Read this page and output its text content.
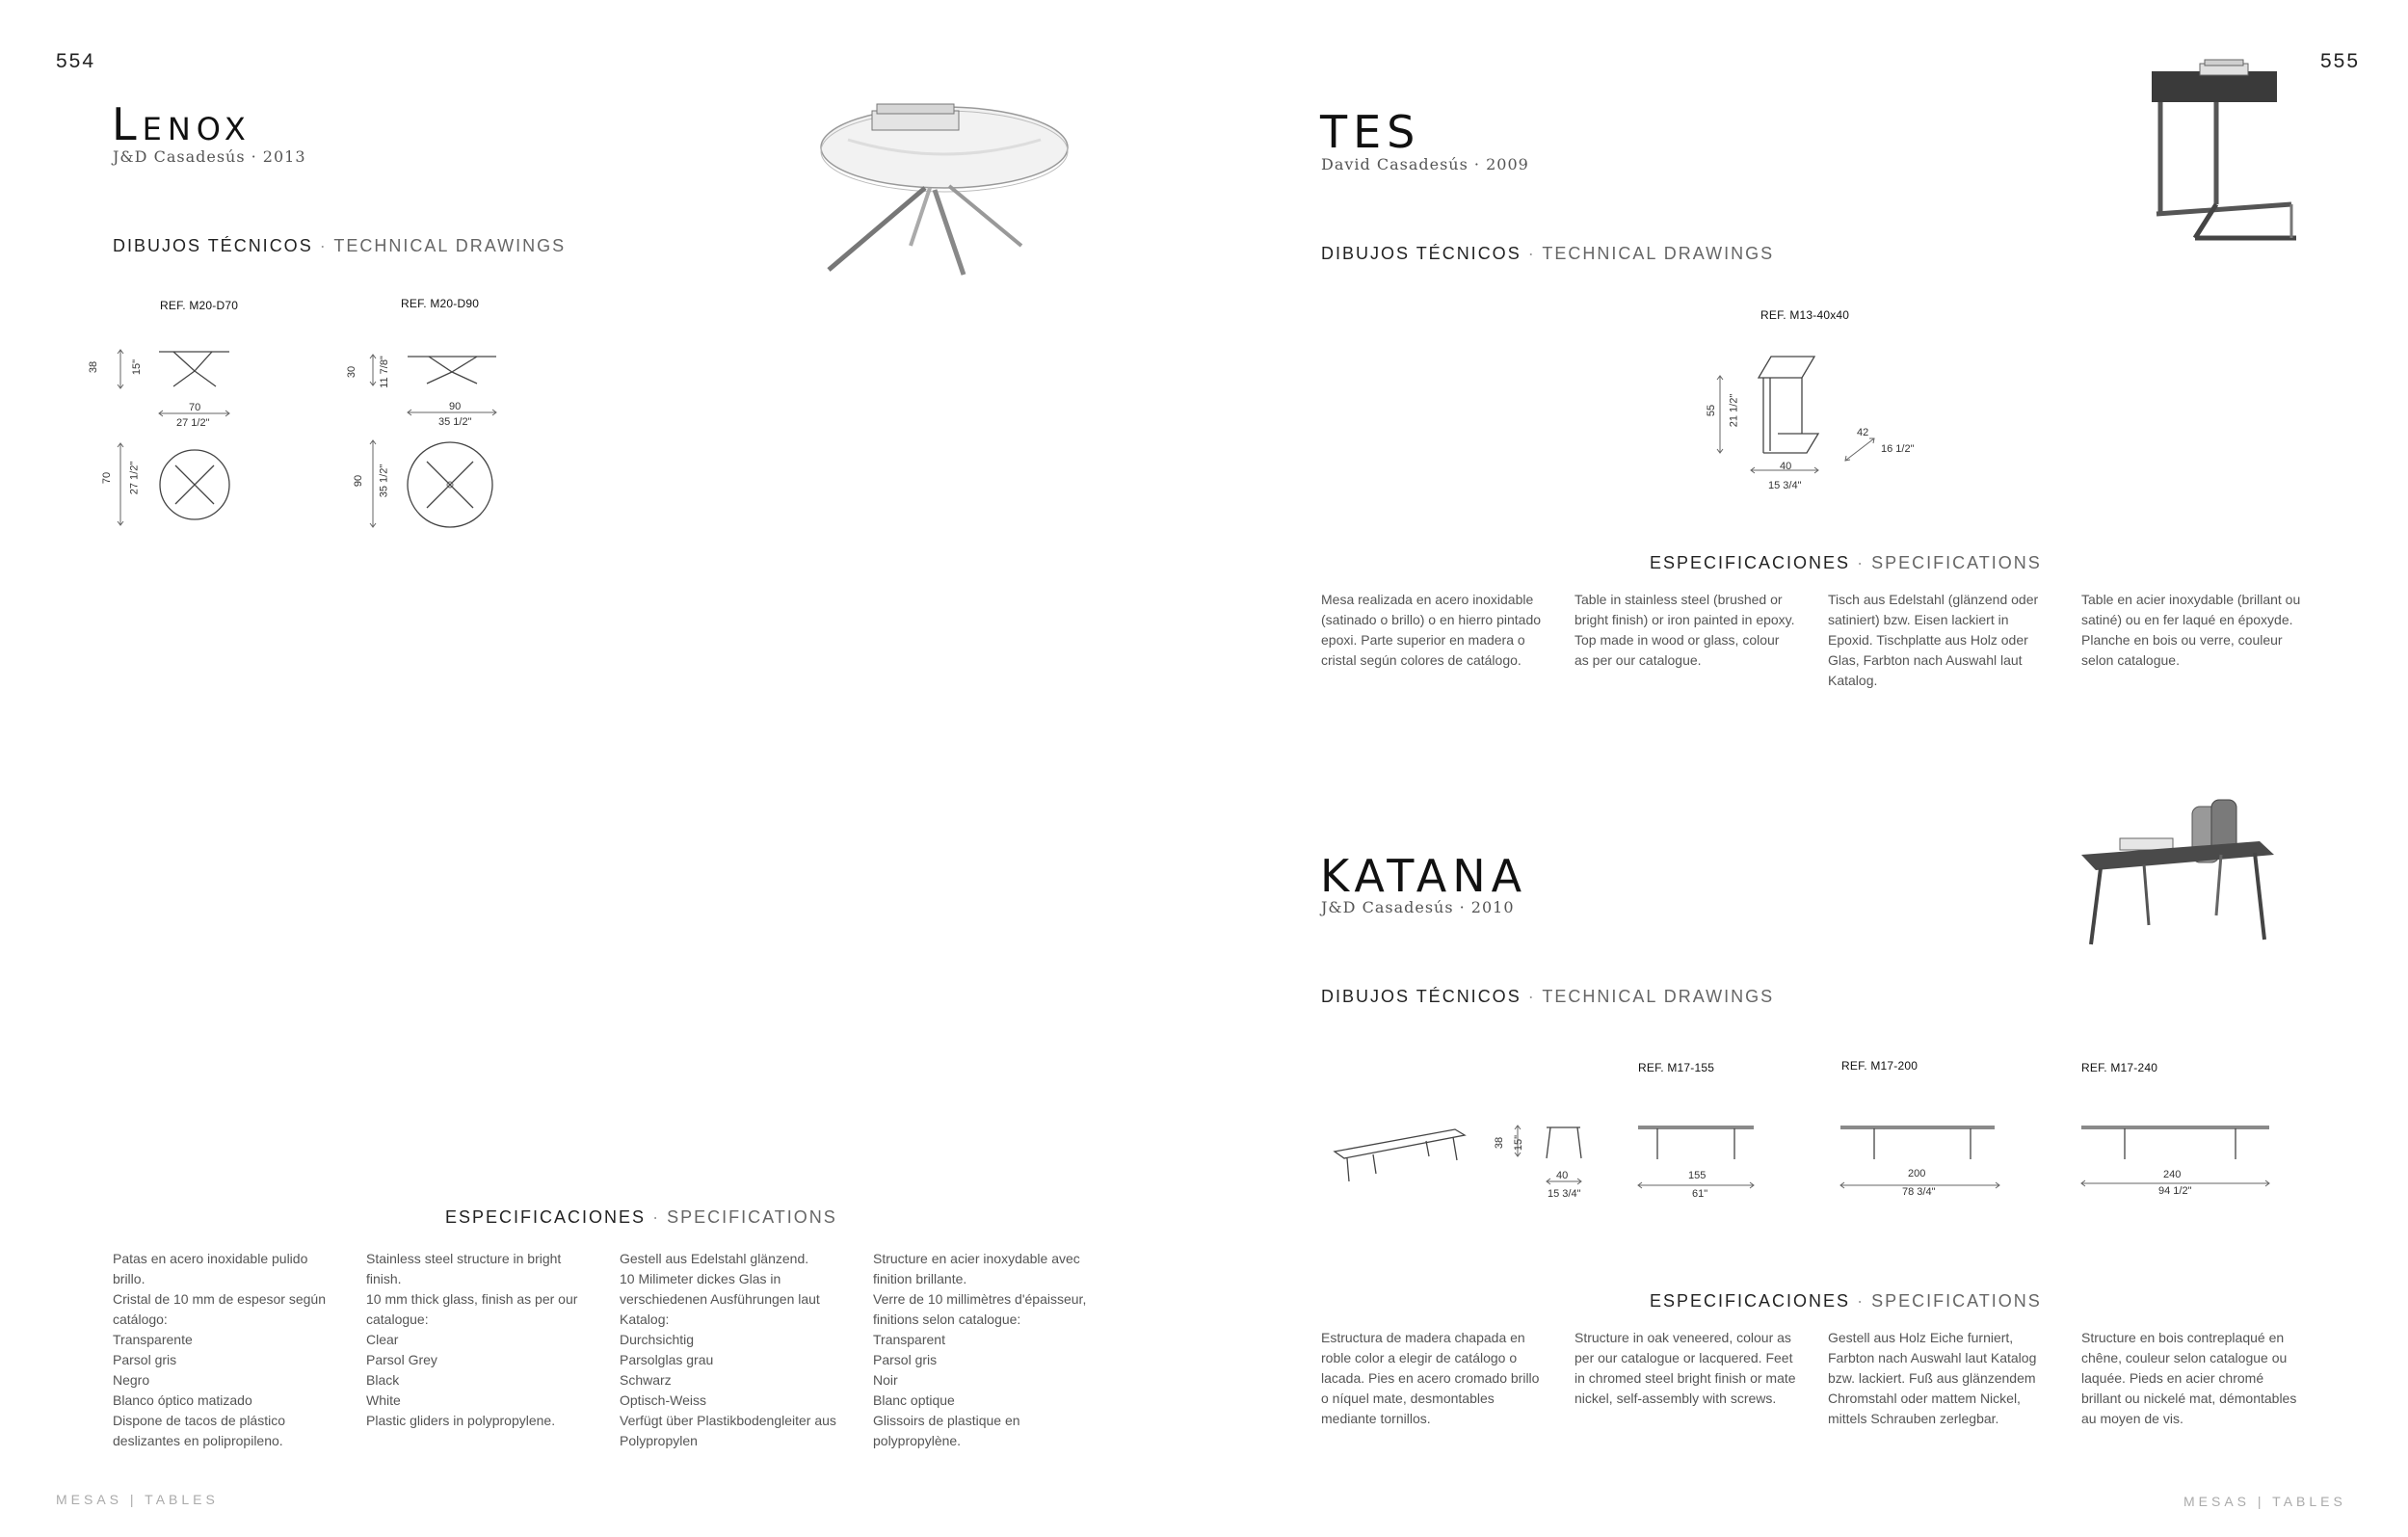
554
Lenox
J&D Casadesús · 2013
DIBUJOS TÉCNICOS · TECHNICAL DRAWINGS
REF. M20-D70
38	15"
70
27 1/2"
70 27 1/2"
REF. M20-D90
30 11 7/8"
90
35 1/2"
90 35 1/2"
ESPECIFICACIONES · SPECIFICATIONS
Patas en acero inoxidable pulido brillo.
Cristal de 10 mm de espesor según catálogo:
Transparente
Parsol gris
Negro
Blanco óptico matizado
Dispone de tacos de plástico deslizantes en polipropileno.
Stainless steel structure in bright finish.
10 mm thick glass, finish as per our catalogue:
Clear
Parsol Grey
Black
White
Plastic gliders in polypropylene.
Gestell aus Edelstahl glänzend.
10 Milimeter dickes Glas in verschiedenen Ausführungen laut Katalog:
Durchsichtig
Parsolglas grau
Schwarz
Optisch-Weiss
Verfügt über Plastikbodengleiter aus Polypropylen
Structure en acier inoxydable avec finition brillante.
Verre de 10 millimètres d'épaisseur, finitions selon catalogue:
Transparent
Parsol gris
Noir
Blanc optique
Glissoirs de plastique en polypropylène.
MESAS | TABLES
555
TES
David Casadesús · 2009
DIBUJOS TÉCNICOS · TECHNICAL DRAWINGS
REF. M13-40x40
55 21 1/2"
40
15 3/4"
42
16 1/2"
ESPECIFICACIONES · SPECIFICATIONS
Mesa realizada en acero inoxidable (satinado o brillo) o en hierro pintado epoxi. Parte superior en madera o cristal según colores de catálogo.
Table in stainless steel (brushed or bright finish) or iron painted in epoxy. Top made in wood or glass, colour as per our catalogue.
Tisch aus Edelstahl (glänzend oder satiniert) bzw. Eisen lackiert in Epoxid. Tischplatte aus Holz oder Glas, Farbton nach Auswahl laut Katalog.
Table en acier inoxydable (brillant ou satiné) ou en fer laqué en époxyde. Planche en bois ou verre, couleur selon catalogue.
KATANA
J&D Casadesús · 2010
DIBUJOS TÉCNICOS · TECHNICAL DRAWINGS
38 15"
40
15 3/4"
REF. M17-155
155
61"
REF. M17-200
200
78 3/4"
REF. M17-240
240
94 1/2"
ESPECIFICACIONES · SPECIFICATIONS
Estructura de madera chapada en roble color a elegir de catálogo o lacada. Pies en acero cromado brillo o níquel mate, desmontables mediante tornillos.
Structure in oak veneered, colour as per our catalogue or lacquered. Feet in chromed steel bright finish or mate nickel, self-assembly with screws.
Gestell aus Holz Eiche furniert, Farbton nach Auswahl laut Katalog bzw. lackiert. Fuß aus glänzendem Chromstahl oder mattem Nickel, mittels Schrauben zerlegbar.
Structure en bois contreplaqué en chêne, couleur selon catalogue ou laquée. Pieds en acier chromé brillant ou nickelé mat, démontables au moyen de vis.
MESAS | TABLES
